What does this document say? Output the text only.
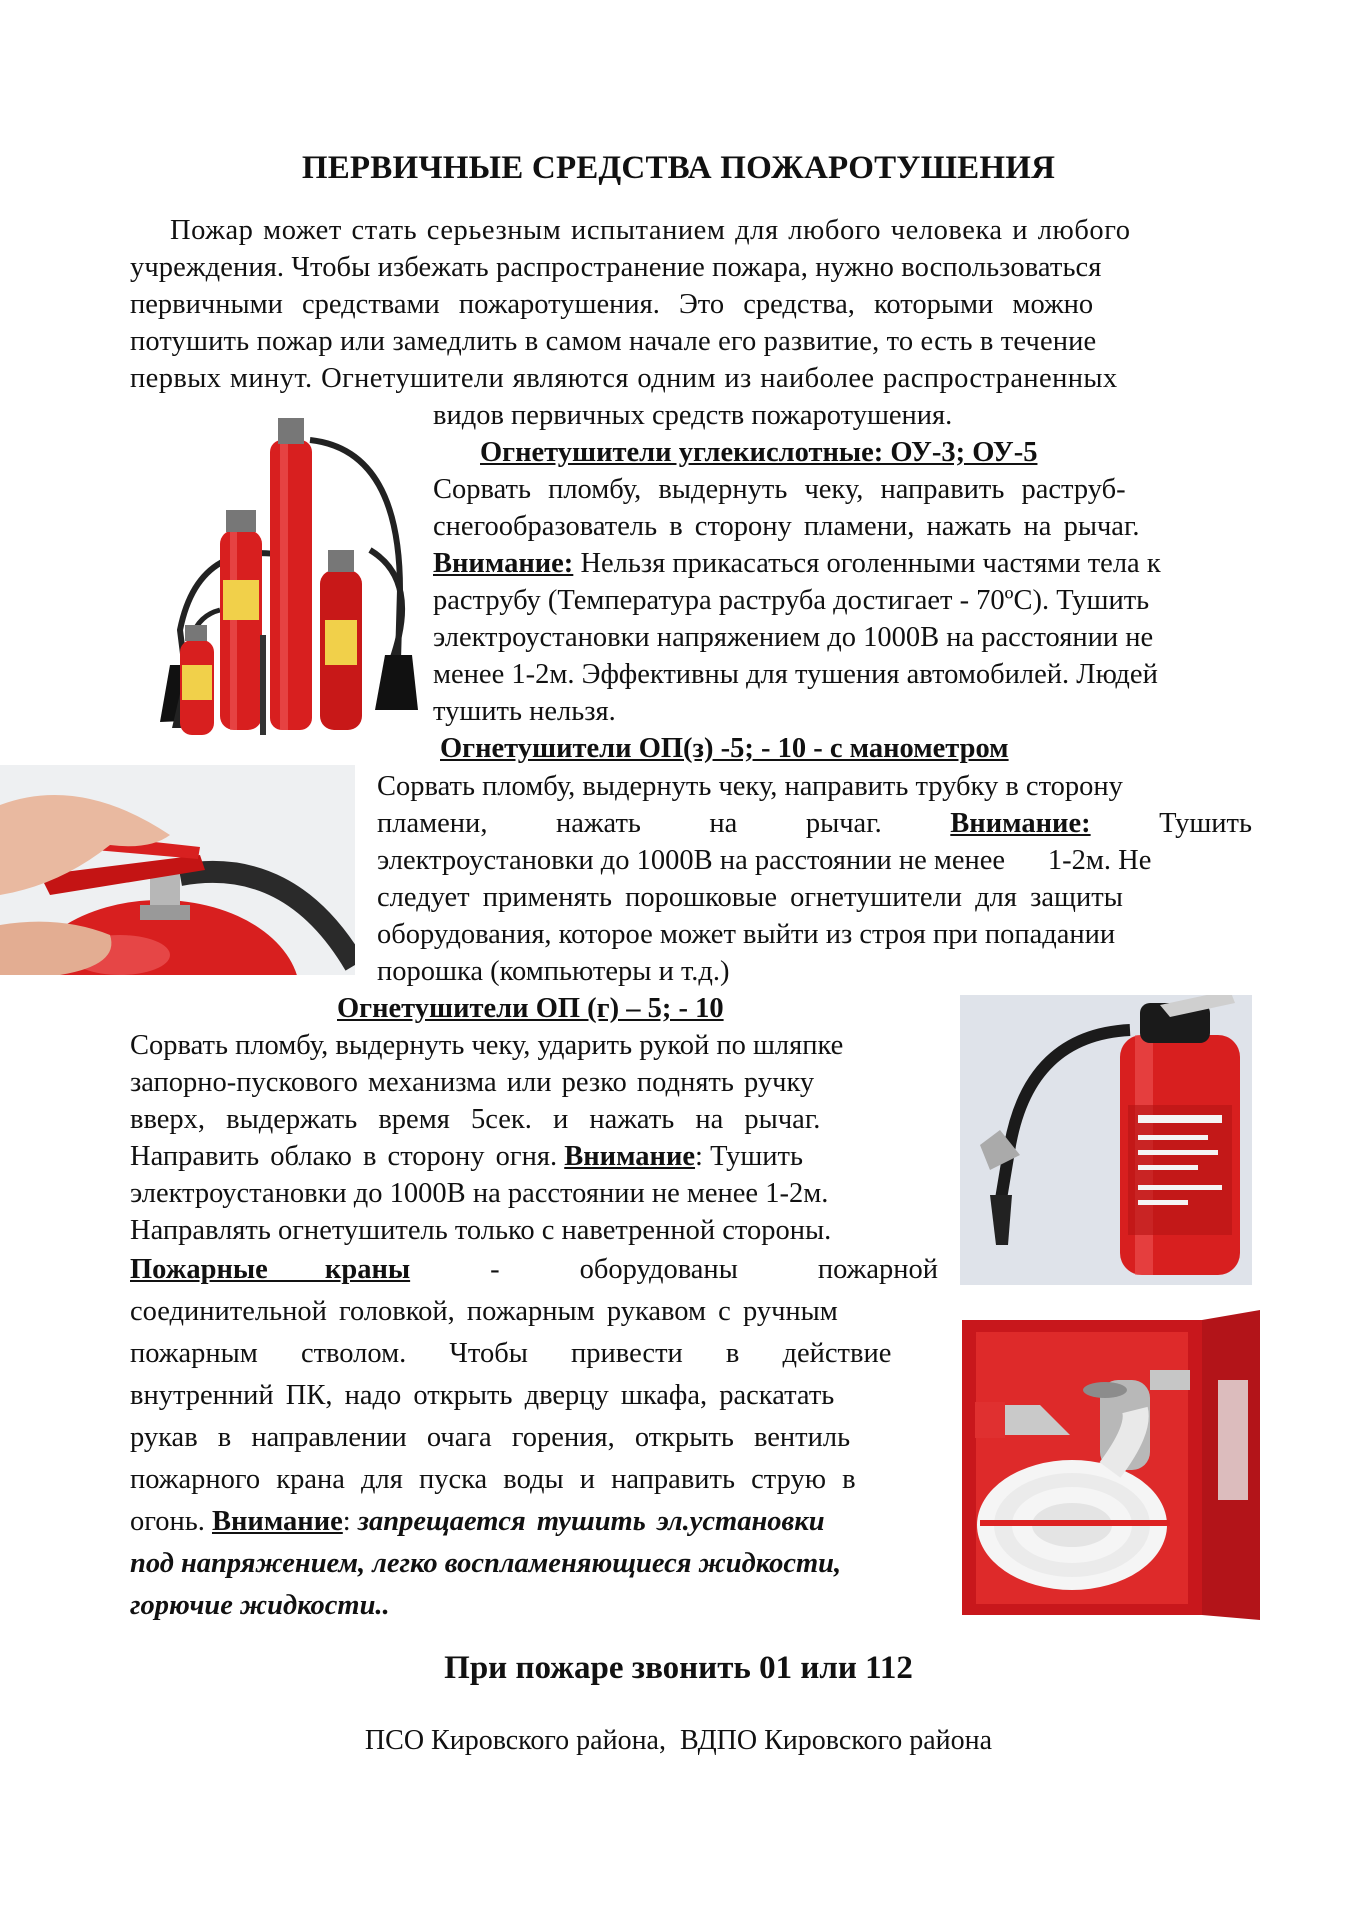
ПЕРВИЧНЫЕ СРЕДСТВА ПОЖАРОТУШЕНИЯ

Пожар может стать серьезным испытанием для любого человека и любого

учреждения. Чтобы избежать распространение пожара, нужно воспользоваться

первичными средствами пожаротушения. Это средства, которыми можно

потушить пожар или замедлить в самом начале его развитие, то есть в течение

первых минут. Огнетушители являются одним из наиболее распространенных

видов первичных средств пожаротушения.

Огнетушители углекислотные: ОУ-3; ОУ-5

Сорвать пломбу, выдернуть чеку, направить раструб-

снегообразователь в сторону пламени, нажать на рычаг.

Внимание: Нельзя прикасаться оголенными частями тела к

раструбу (Температура раструба достигает - 70ºC). Тушить

электроустановки напряжением до 1000В на расстоянии не

менее 1-2м. Эффективны для тушения автомобилей. Людей

тушить нельзя.

Огнетушители ОП(з) -5; - 10 - с манометром

Сорвать пломбу, выдернуть чеку, направить трубку в сторону

пламени, нажать на рычаг. Внимание: Тушить

электроустановки до 1000В на расстоянии не менее      1-2м. Не

следует применять порошковые огнетушители для защиты

оборудования, которое может выйти из строя при попадании

порошка (компьютеры и т.д.)

Огнетушители ОП (г) – 5; - 10

Сорвать пломбу, выдернуть чеку, ударить рукой по шляпке

запорно-пускового механизма или резко поднять ручку

вверх, выдержать время 5сек. и нажать на рычаг.

Направить облако в сторону огня. Внимание: Тушить

электроустановки до 1000В на расстоянии не менее 1-2м.

Направлять огнетушитель только с наветренной стороны.

Пожарные краны	-	оборудованы	пожарной

соединительной головкой, пожарным рукавом с ручным

пожарным стволом. Чтобы привести в действие

внутренний ПК, надо открыть дверцу шкафа, раскатать

рукав в направлении очага горения, открыть вентиль

пожарного крана для пуска воды и направить струю в

огонь. Внимание: запрещается тушить эл.установки

под напряжением, легко воспламеняющиеся жидкости,

горючие жидкости..

При пожаре звонить 01 или 112

ПСО Кировского района,  ВДПО Кировского района
